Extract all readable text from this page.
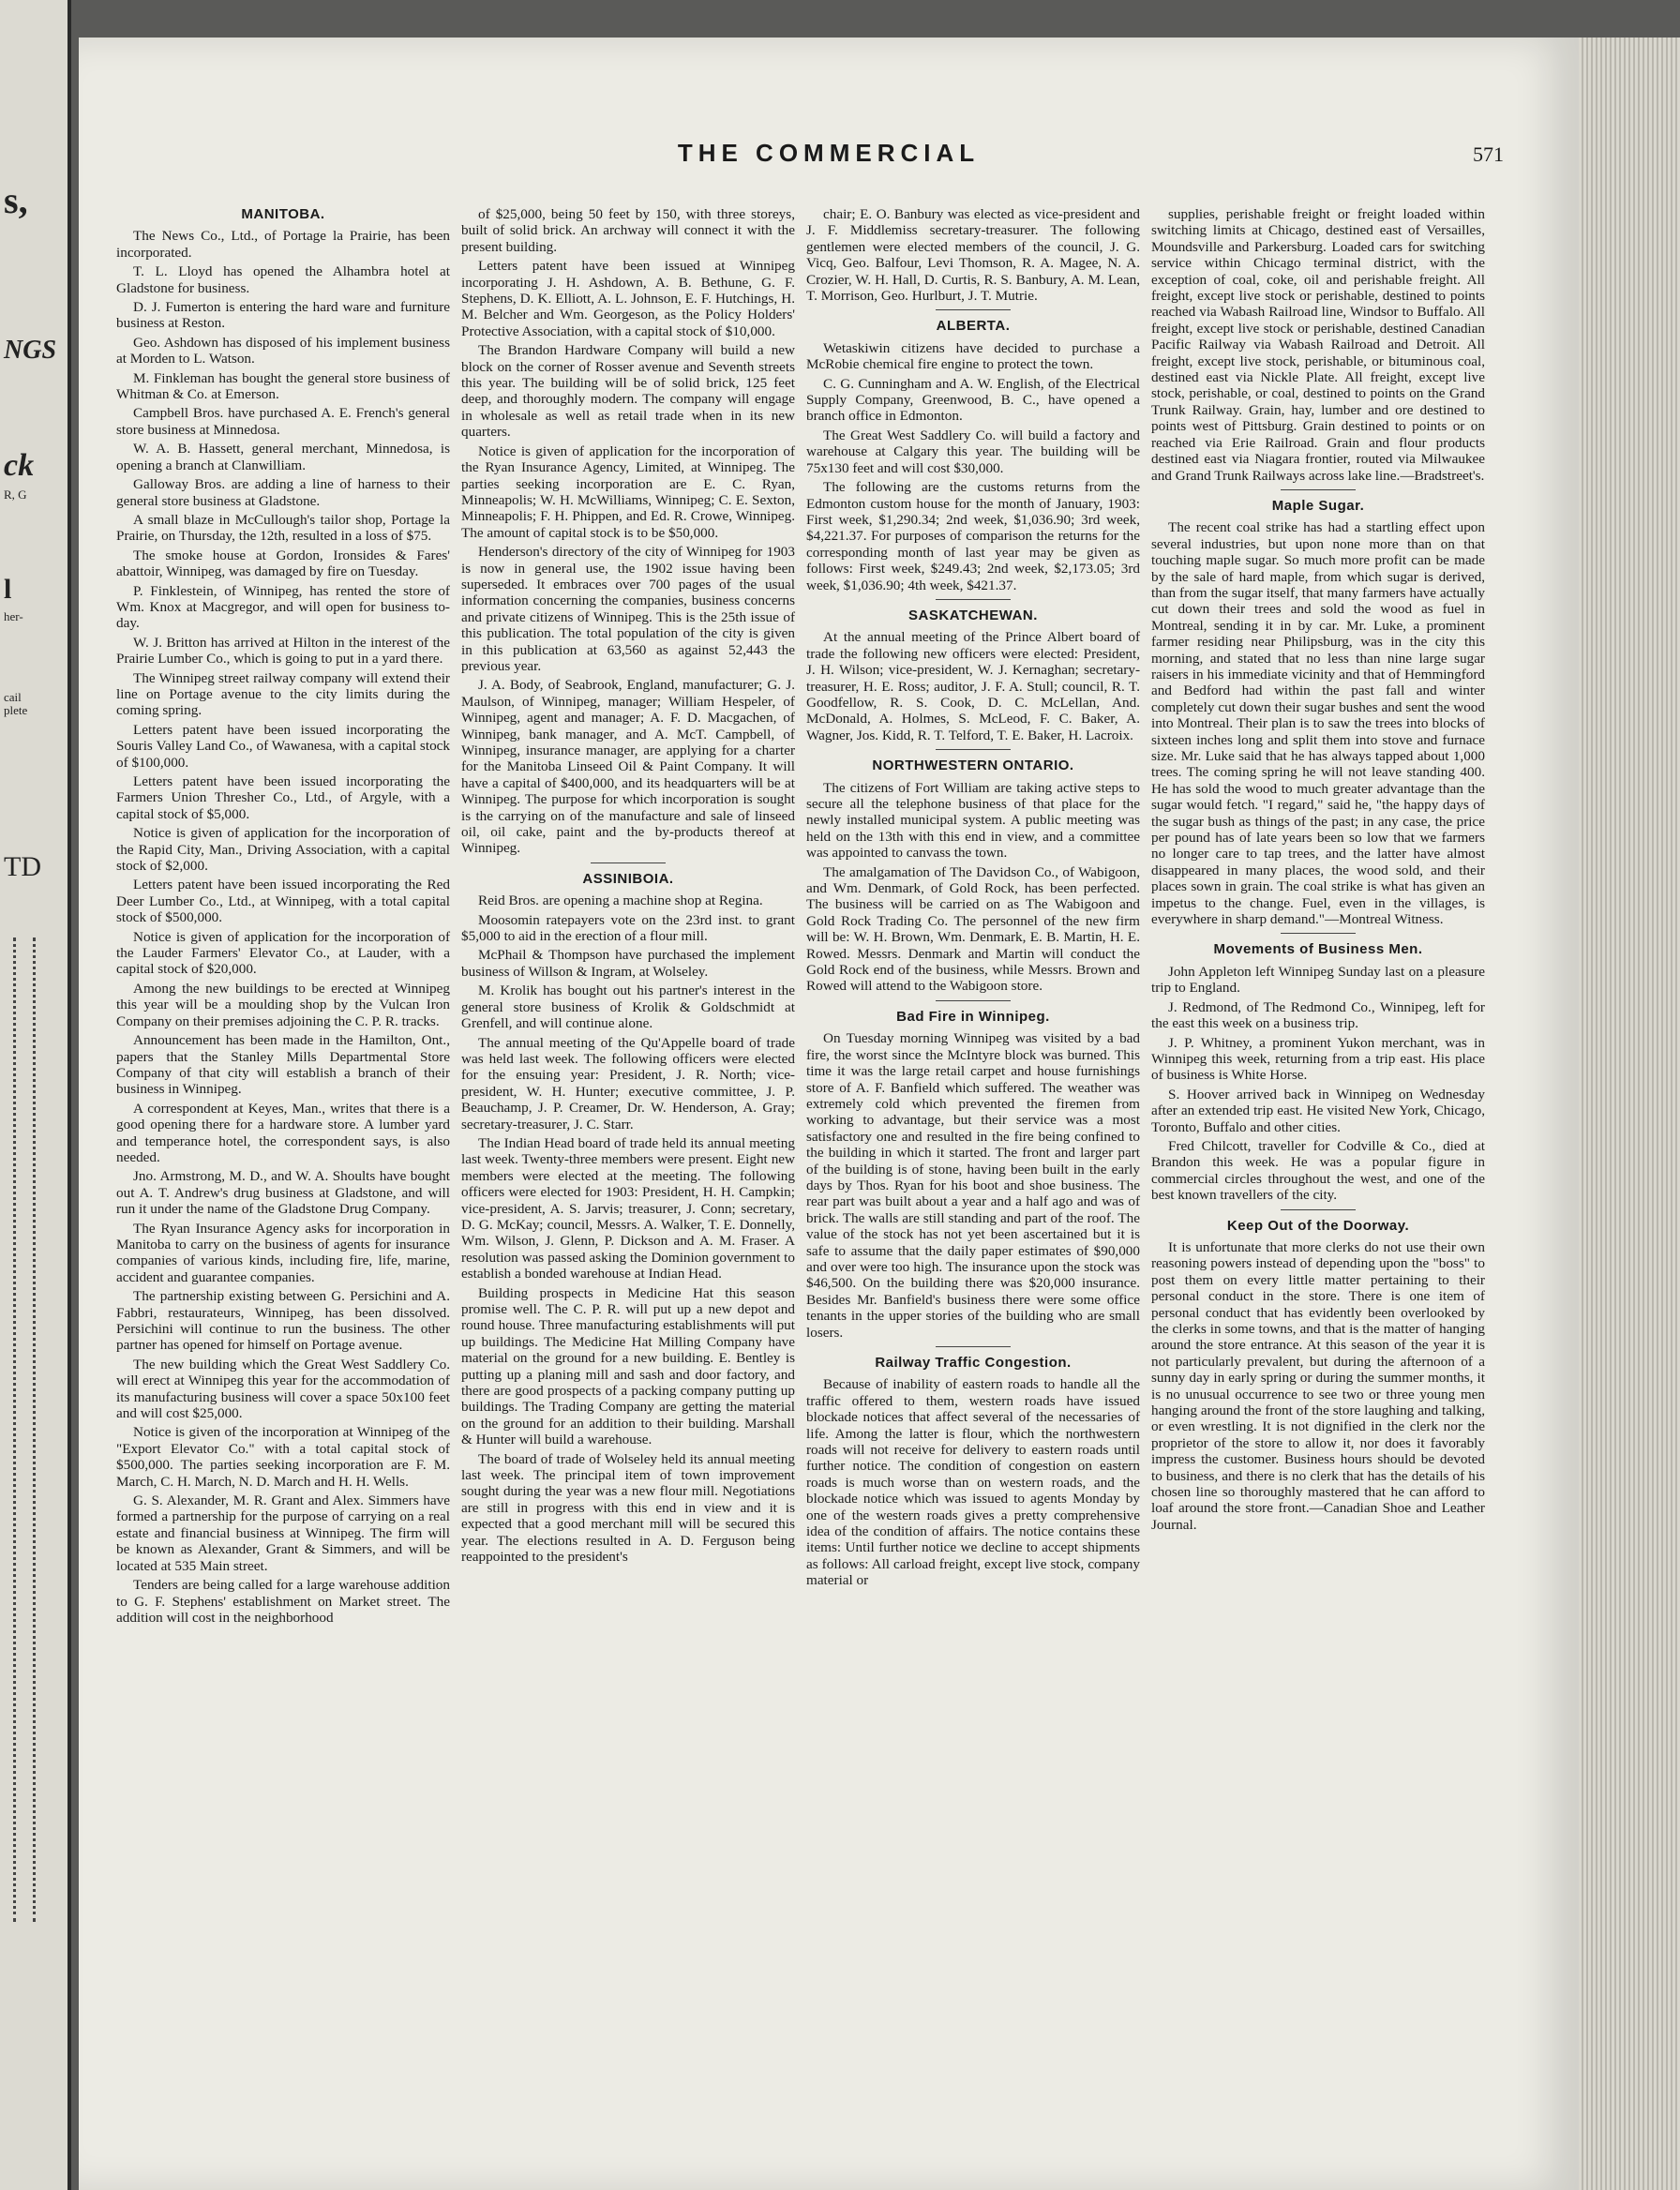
s,
NGS
ck
R, G
l
her-
cail
plete
TD
THE COMMERCIAL	571
MANITOBA.

The News Co., Ltd., of Portage la Prairie, has been incorporated.

T. L. Lloyd has opened the Alhambra hotel at Gladstone for business.

D. J. Fumerton is entering the hard ware and furniture business at Reston.

Geo. Ashdown has disposed of his implement business at Morden to L. Watson.

M. Finkleman has bought the general store business of Whitman & Co. at Emerson.

Campbell Bros. have purchased A. E. French's general store business at Minnedosa.

W. A. B. Hassett, general merchant, Minnedosa, is opening a branch at Clanwilliam.

Galloway Bros. are adding a line of harness to their general store business at Gladstone.

A small blaze in McCullough's tailor shop, Portage la Prairie, on Thursday, the 12th, resulted in a loss of $75.

The smoke house at Gordon, Ironsides & Fares' abattoir, Winnipeg, was damaged by fire on Tuesday.

P. Finklestein, of Winnipeg, has rented the store of Wm. Knox at Macgregor, and will open for business to-day.

W. J. Britton has arrived at Hilton in the interest of the Prairie Lumber Co., which is going to put in a yard there.

The Winnipeg street railway company will extend their line on Portage avenue to the city limits during the coming spring.

Letters patent have been issued incorporating the Souris Valley Land Co., of Wawanesa, with a capital stock of $100,000.

Letters patent have been issued incorporating the Farmers Union Thresher Co., Ltd., of Argyle, with a capital stock of $5,000.

Notice is given of application for the incorporation of the Rapid City, Man., Driving Association, with a capital stock of $2,000.

Letters patent have been issued incorporating the Red Deer Lumber Co., Ltd., at Winnipeg, with a total capital stock of $500,000.

Notice is given of application for the incorporation of the Lauder Farmers' Elevator Co., at Lauder, with a capital stock of $20,000.

Among the new buildings to be erected at Winnipeg this year will be a moulding shop by the Vulcan Iron Company on their premises adjoining the C. P. R. tracks.

Announcement has been made in the Hamilton, Ont., papers that the Stanley Mills Departmental Store Company of that city will establish a branch of their business in Winnipeg.

A correspondent at Keyes, Man., writes that there is a good opening there for a hardware store. A lumber yard and temperance hotel, the correspondent says, is also needed.

Jno. Armstrong, M. D., and W. A. Shoults have bought out A. T. Andrew's drug business at Gladstone, and will run it under the name of the Gladstone Drug Company.

The Ryan Insurance Agency asks for incorporation in Manitoba to carry on the business of agents for insurance companies of various kinds, including fire, life, marine, accident and guarantee companies.

The partnership existing between G. Persichini and A. Fabbri, restaurateurs, Winnipeg, has been dissolved. Persichini will continue to run the business. The other partner has opened for himself on Portage avenue.

The new building which the Great West Saddlery Co. will erect at Winnipeg this year for the accommodation of its manufacturing business will cover a space 50x100 feet and will cost $25,000.

Notice is given of the incorporation at Winnipeg of the "Export Elevator Co." with a total capital stock of $500,000. The parties seeking incorporation are F. M. March, C. H. March, N. D. March and H. H. Wells.

G. S. Alexander, M. R. Grant and Alex. Simmers have formed a partnership for the purpose of carrying on a real estate and financial business at Winnipeg. The firm will be known as Alexander, Grant & Simmers, and will be located at 535 Main street.

Tenders are being called for a large warehouse addition to G. F. Stephens' establishment on Market street. The addition will cost in the neighborhood

of $25,000, being 50 feet by 150, with three storeys, built of solid brick. An archway will connect it with the present building.

Letters patent have been issued at Winnipeg incorporating J. H. Ashdown, A. B. Bethune, G. F. Stephens, D. K. Elliott, A. L. Johnson, E. F. Hutchings, H. M. Belcher and Wm. Georgeson, as the Policy Holders' Protective Association, with a capital stock of $10,000.

The Brandon Hardware Company will build a new block on the corner of Rosser avenue and Seventh streets this year. The building will be of solid brick, 125 feet deep, and thoroughly modern. The company will engage in wholesale as well as retail trade when in its new quarters.

Notice is given of application for the incorporation of the Ryan Insurance Agency, Limited, at Winnipeg. The parties seeking incorporation are E. C. Ryan, Minneapolis; W. H. McWilliams, Winnipeg; C. E. Sexton, Minneapolis; F. H. Phippen, and Ed. R. Crowe, Winnipeg. The amount of capital stock is to be $50,000.

Henderson's directory of the city of Winnipeg for 1903 is now in general use, the 1902 issue having been superseded. It embraces over 700 pages of the usual information concerning the companies, business concerns and private citizens of Winnipeg. This is the 25th issue of this publication. The total population of the city is given in this publication at 63,560 as against 52,443 the previous year.

J. A. Body, of Seabrook, England, manufacturer; G. J. Maulson, of Winnipeg, manager; William Hespeler, of Winnipeg, agent and manager; A. F. D. Macgachen, of Winnipeg, bank manager, and A. McT. Campbell, of Winnipeg, insurance manager, are applying for a charter for the Manitoba Linseed Oil & Paint Company. It will have a capital of $400,000, and its headquarters will be at Winnipeg. The purpose for which incorporation is sought is the carrying on of the manufacture and sale of linseed oil, oil cake, paint and the by-products thereof at Winnipeg.

ASSINIBOIA.

Reid Bros. are opening a machine shop at Regina.

Moosomin ratepayers vote on the 23rd inst. to grant $5,000 to aid in the erection of a flour mill.

McPhail & Thompson have purchased the implement business of Willson & Ingram, at Wolseley.

M. Krolik has bought out his partner's interest in the general store business of Krolik & Goldschmidt at Grenfell, and will continue alone.

The annual meeting of the Qu'Appelle board of trade was held last week. The following officers were elected for the ensuing year: President, J. R. North; vice-president, W. H. Hunter; executive committee, J. P. Beauchamp, J. P. Creamer, Dr. W. Henderson, A. Gray; secretary-treasurer, J. C. Starr.

The Indian Head board of trade held its annual meeting last week. Twenty-three members were present. Eight new members were elected at the meeting. The following officers were elected for 1903: President, H. H. Campkin; vice-president, A. S. Jarvis; treasurer, J. Conn; secretary, D. G. McKay; council, Messrs. A. Walker, T. E. Donnelly, Wm. Wilson, J. Glenn, P. Dickson and A. M. Fraser. A resolution was passed asking the Dominion government to establish a bonded warehouse at Indian Head.

Building prospects in Medicine Hat this season promise well. The C. P. R. will put up a new depot and round house. Three manufacturing establishments will put up buildings. The Medicine Hat Milling Company have material on the ground for a new building. E. Bentley is putting up a planing mill and sash and door factory, and there are good prospects of a packing company putting up buildings. The Trading Company are getting the material on the ground for an addition to their building. Marshall & Hunter will build a warehouse.

The board of trade of Wolseley held its annual meeting last week. The principal item of town improvement sought during the year was a new flour mill. Negotiations are still in progress with this end in view and it is expected that a good merchant mill will be secured this year. The elections resulted in A. D. Ferguson being reappointed to the president's

chair; E. O. Banbury was elected as vice-president and J. F. Middlemiss secretary-treasurer. The following gentlemen were elected members of the council, J. G. Vicq, Geo. Balfour, Levi Thomson, R. A. Magee, N. A. Crozier, W. H. Hall, D. Curtis, R. S. Banbury, A. M. Lean, T. Morrison, Geo. Hurlburt, J. T. Mutrie.

ALBERTA.

Wetaskiwin citizens have decided to purchase a McRobie chemical fire engine to protect the town.

C. G. Cunningham and A. W. English, of the Electrical Supply Company, Greenwood, B. C., have opened a branch office in Edmonton.

The Great West Saddlery Co. will build a factory and warehouse at Calgary this year. The building will be 75x130 feet and will cost $30,000.

The following are the customs returns from the Edmonton custom house for the month of January, 1903: First week, $1,290.34; 2nd week, $1,036.90; 3rd week, $4,221.37. For purposes of comparison the returns for the corresponding month of last year may be given as follows: First week, $249.43; 2nd week, $2,173.05; 3rd week, $1,036.90; 4th week, $421.37.

SASKATCHEWAN.

At the annual meeting of the Prince Albert board of trade the following new officers were elected: President, J. H. Wilson; vice-president, W. J. Kernaghan; secretary-treasurer, H. E. Ross; auditor, J. F. A. Stull; council, R. T. Goodfellow, R. S. Cook, D. C. McLellan, And. McDonald, A. Holmes, S. McLeod, F. C. Baker, A. Wagner, Jos. Kidd, R. T. Telford, T. E. Baker, H. Lacroix.

NORTHWESTERN ONTARIO.

The citizens of Fort William are taking active steps to secure all the telephone business of that place for the newly installed municipal system. A public meeting was held on the 13th with this end in view, and a committee was appointed to canvass the town.

The amalgamation of The Davidson Co., of Wabigoon, and Wm. Denmark, of Gold Rock, has been perfected. The business will be carried on as The Wabigoon and Gold Rock Trading Co. The personnel of the new firm will be: W. H. Brown, Wm. Denmark, E. B. Martin, H. E. Rowed. Messrs. Denmark and Martin will conduct the Gold Rock end of the business, while Messrs. Brown and Rowed will attend to the Wabigoon store.

Bad Fire in Winnipeg.

On Tuesday morning Winnipeg was visited by a bad fire, the worst since the McIntyre block was burned. This time it was the large retail carpet and house furnishings store of A. F. Banfield which suffered. The weather was extremely cold which prevented the firemen from working to advantage, but their service was a most satisfactory one and resulted in the fire being confined to the building in which it started. The front and larger part of the building is of stone, having been built in the early days by Thos. Ryan for his boot and shoe business. The rear part was built about a year and a half ago and was of brick. The walls are still standing and part of the roof. The value of the stock has not yet been ascertained but it is safe to assume that the daily paper estimates of $90,000 and over were too high. The insurance upon the stock was $46,500. On the building there was $20,000 insurance. Besides Mr. Banfield's business there were some office tenants in the upper stories of the building who are small losers.

Railway Traffic Congestion.

Because of inability of eastern roads to handle all the traffic offered to them, western roads have issued blockade notices that affect several of the necessaries of life. Among the latter is flour, which the northwestern roads will not receive for delivery to eastern roads until further notice. The condition of congestion on eastern roads is much worse than on western roads, and the blockade notice which was issued to agents Monday by one of the western roads gives a pretty comprehensive idea of the condition of affairs. The notice contains these items: Until further notice we decline to accept shipments as follows: All carload freight, except live stock, company material or

supplies, perishable freight or freight loaded within switching limits at Chicago, destined east of Versailles, Moundsville and Parkersburg. Loaded cars for switching service within Chicago terminal district, with the exception of coal, coke, oil and perishable freight. All freight, except live stock or perishable, destined to points reached via Wabash Railroad line, Windsor to Buffalo. All freight, except live stock or perishable, destined Canadian Pacific Railway via Wabash Railroad and Detroit. All freight, except live stock, perishable, or bituminous coal, destined east via Nickle Plate. All freight, except live stock, perishable, or coal, destined to points on the Grand Trunk Railway. Grain, hay, lumber and ore destined to points west of Pittsburg. Grain destined to points or on reached via Erie Railroad. Grain and flour products destined east via Niagara frontier, routed via Milwaukee and Grand Trunk Railways across lake line.—Bradstreet's.

Maple Sugar.

The recent coal strike has had a startling effect upon several industries, but upon none more than on that touching maple sugar. So much more profit can be made by the sale of hard maple, from which sugar is derived, than from the sugar itself, that many farmers have actually cut down their trees and sold the wood as fuel in Montreal, sending it in by car. Mr. Luke, a prominent farmer residing near Philipsburg, was in the city this morning, and stated that no less than nine large sugar raisers in his immediate vicinity and that of Hemmingford and Bedford had within the past fall and winter completely cut down their sugar bushes and sent the wood into Montreal. Their plan is to saw the trees into blocks of sixteen inches long and split them into stove and furnace size. Mr. Luke said that he has always tapped about 1,000 trees. The coming spring he will not leave standing 400. He has sold the wood to much greater advantage than the sugar would fetch. "I regard," said he, "the happy days of the sugar bush as things of the past; in any case, the price per pound has of late years been so low that we farmers no longer care to tap trees, and the latter have almost disappeared in many places, the wood sold, and their places sown in grain. The coal strike is what has given an impetus to the change. Fuel, even in the villages, is everywhere in sharp demand."—Montreal Witness.

Movements of Business Men.

John Appleton left Winnipeg Sunday last on a pleasure trip to England.

J. Redmond, of The Redmond Co., Winnipeg, left for the east this week on a business trip.

J. P. Whitney, a prominent Yukon merchant, was in Winnipeg this week, returning from a trip east. His place of business is White Horse.

S. Hoover arrived back in Winnipeg on Wednesday after an extended trip east. He visited New York, Chicago, Toronto, Buffalo and other cities.

Fred Chilcott, traveller for Codville & Co., died at Brandon this week. He was a popular figure in commercial circles throughout the west, and one of the best known travellers of the city.

Keep Out of the Doorway.

It is unfortunate that more clerks do not use their own reasoning powers instead of depending upon the "boss" to post them on every little matter pertaining to their personal conduct in the store. There is one item of personal conduct that has evidently been overlooked by the clerks in some towns, and that is the matter of hanging around the store entrance. At this season of the year it is not particularly prevalent, but during the afternoon of a sunny day in early spring or during the summer months, it is no unusual occurrence to see two or three young men hanging around the front of the store laughing and talking, or even wrestling. It is not dignified in the clerk nor the proprietor of the store to allow it, nor does it favorably impress the customer. Business hours should be devoted to business, and there is no clerk that has the details of his chosen line so thoroughly mastered that he can afford to loaf around the store front.—Canadian Shoe and Leather Journal.
